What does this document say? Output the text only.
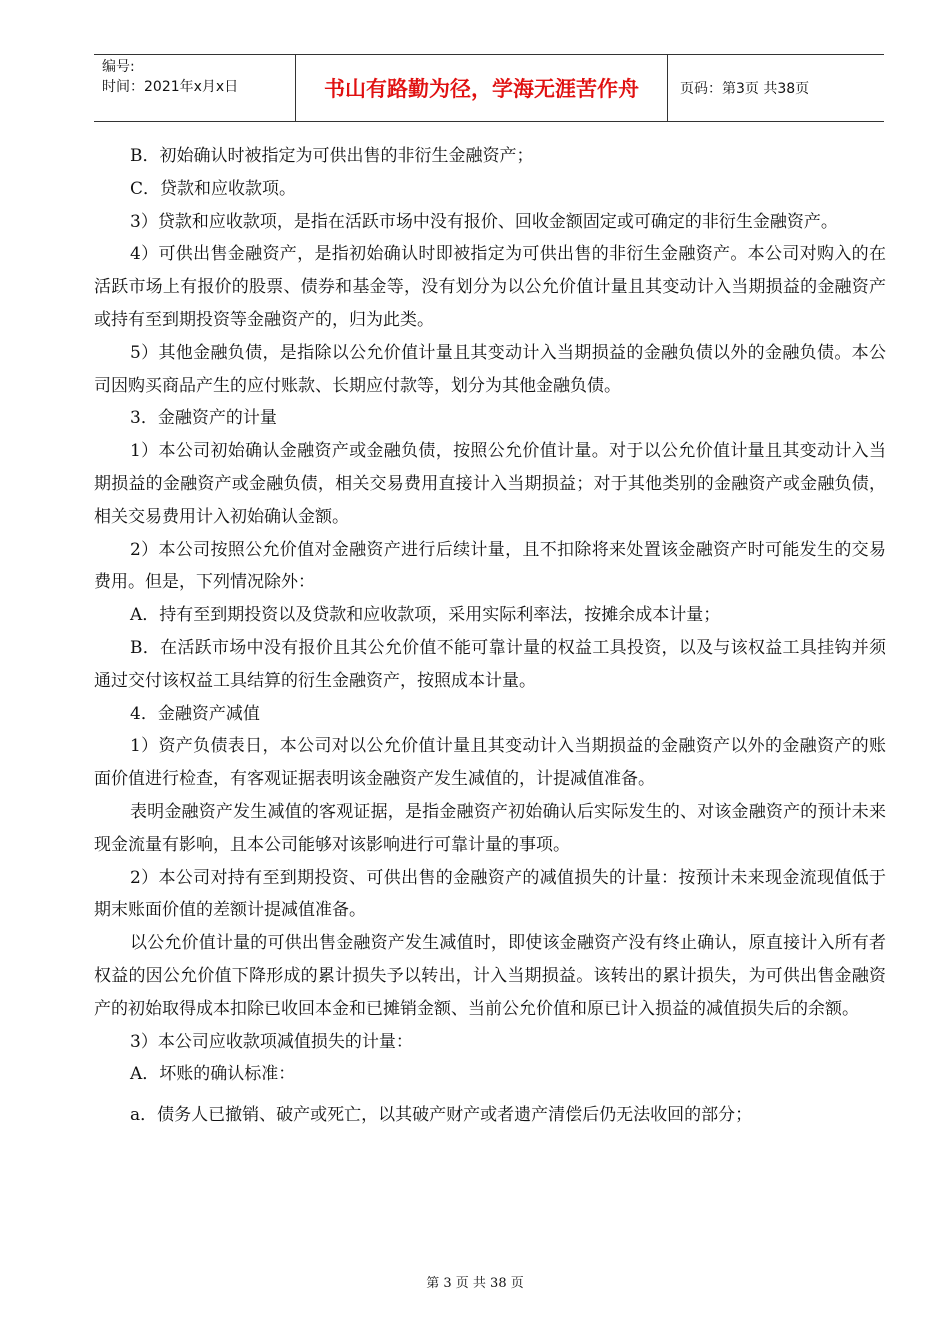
编号:
时间：2021年x月x日	书山有路勤为径，学海无涯苦作舟	页码：第3页 共38页

B．初始确认时被指定为可供出售的非衍生金融资产；

C．贷款和应收款项。

3）贷款和应收款项，是指在活跃市场中没有报价、回收金额固定或可确定的非衍生金融资产。

4）可供出售金融资产，是指初始确认时即被指定为可供出售的非衍生金融资产。本公司对购入的在活跃市场上有报价的股票、债券和基金等，没有划分为以公允价值计量且其变动计入当期损益的金融资产或持有至到期投资等金融资产的，归为此类。

5）其他金融负债，是指除以公允价值计量且其变动计入当期损益的金融负债以外的金融负债。本公司因购买商品产生的应付账款、长期应付款等，划分为其他金融负债。

3．金融资产的计量

1）本公司初始确认金融资产或金融负债，按照公允价值计量。对于以公允价值计量且其变动计入当期损益的金融资产或金融负债，相关交易费用直接计入当期损益；对于其他类别的金融资产或金融负债，相关交易费用计入初始确认金额。

2）本公司按照公允价值对金融资产进行后续计量，且不扣除将来处置该金融资产时可能发生的交易费用。但是，下列情况除外：

A．持有至到期投资以及贷款和应收款项，采用实际利率法，按摊余成本计量；

B．在活跃市场中没有报价且其公允价值不能可靠计量的权益工具投资，以及与该权益工具挂钩并须通过交付该权益工具结算的衍生金融资产，按照成本计量。

4．金融资产减值

1）资产负债表日，本公司对以公允价值计量且其变动计入当期损益的金融资产以外的金融资产的账面价值进行检查，有客观证据表明该金融资产发生减值的，计提减值准备。

表明金融资产发生减值的客观证据，是指金融资产初始确认后实际发生的、对该金融资产的预计未来现金流量有影响，且本公司能够对该影响进行可靠计量的事项。

2）本公司对持有至到期投资、可供出售的金融资产的减值损失的计量：按预计未来现金流现值低于期末账面价值的差额计提减值准备。

以公允价值计量的可供出售金融资产发生减值时，即使该金融资产没有终止确认，原直接计入所有者权益的因公允价值下降形成的累计损失予以转出，计入当期损益。该转出的累计损失，为可供出售金融资产的初始取得成本扣除已收回本金和已摊销金额、当前公允价值和原已计入损益的减值损失后的余额。

3）本公司应收款项减值损失的计量：

A．坏账的确认标准：

a．债务人已撤销、破产或死亡，以其破产财产或者遗产清偿后仍无法收回的部分；

第 3 页 共 38 页
